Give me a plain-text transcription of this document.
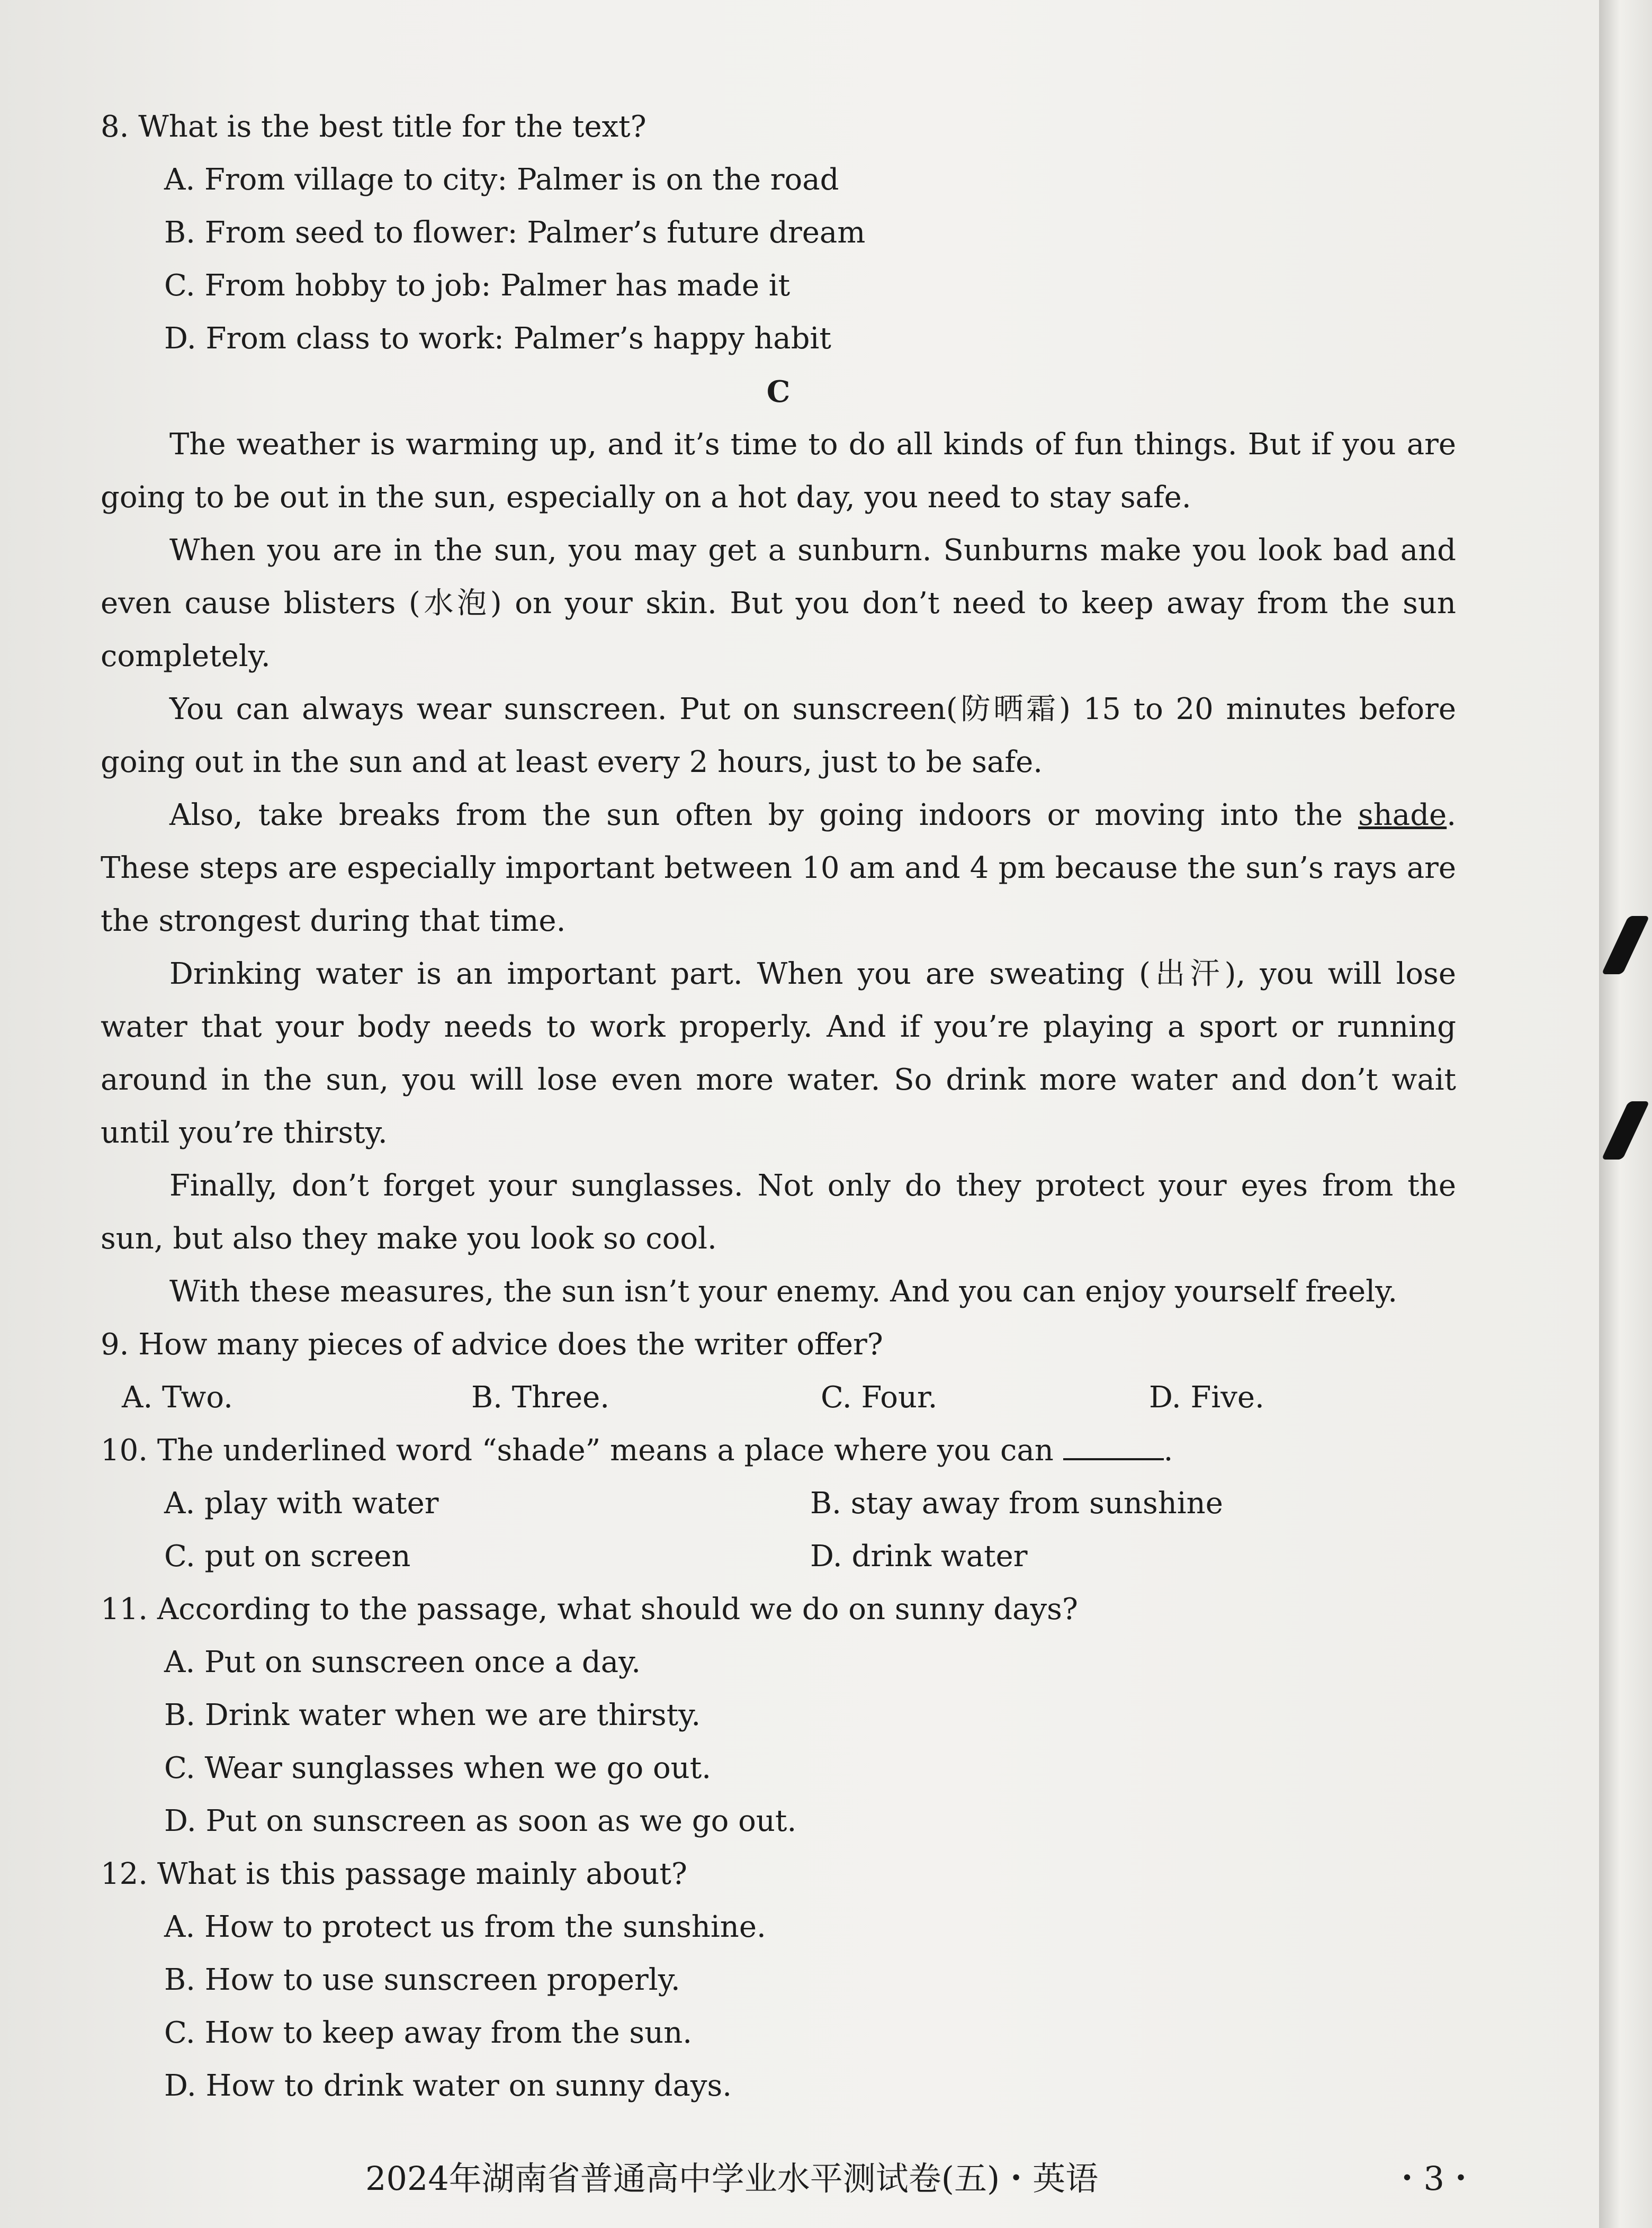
8. What is the best title for the text?

A. From village to city: Palmer is on the road

B. From seed to flower: Palmer’s future dream

C. From hobby to job: Palmer has made it

D. From class to work: Palmer’s happy habit

C

The weather is warming up, and it’s time to do all kinds of fun things. But if you are going to be out in the sun, especially on a hot day, you need to stay safe.

When you are in the sun, you may get a sunburn. Sunburns make you look bad and even cause blisters (水泡) on your skin. But you don’t need to keep away from the sun completely.

You can always wear sunscreen. Put on sunscreen(防晒霜) 15 to 20 minutes before going out in the sun and at least every 2 hours, just to be safe.

Also, take breaks from the sun often by going indoors or moving into the shade. These steps are especially important between 10 am and 4 pm because the sun’s rays are the strongest during that time.

Drinking water is an important part. When you are sweating (出汗), you will lose water that your body needs to work properly. And if you’re playing a sport or running around in the sun, you will lose even more water. So drink more water and don’t wait until you’re thirsty.

Finally, don’t forget your sunglasses. Not only do they protect your eyes from the sun, but also they make you look so cool.

With these measures, the sun isn’t your enemy. And you can enjoy yourself freely.

9. How many pieces of advice does the writer offer?

A. Two.	B. Three.	C. Four.	D. Five.

10. The underlined word “shade” means a place where you can	.

A. play with water	B. stay away from sunshine
C. put on screen	D. drink water

11. According to the passage, what should we do on sunny days?

A. Put on sunscreen once a day.

B. Drink water when we are thirsty.

C. Wear sunglasses when we go out.

D. Put on sunscreen as soon as we go out.

12. What is this passage mainly about?

A. How to protect us from the sunshine.

B. How to use sunscreen properly.

C. How to keep away from the sun.

D. How to drink water on sunny days.

2024年湖南省普通高中学业水平测试卷(五)・英语	・3・
